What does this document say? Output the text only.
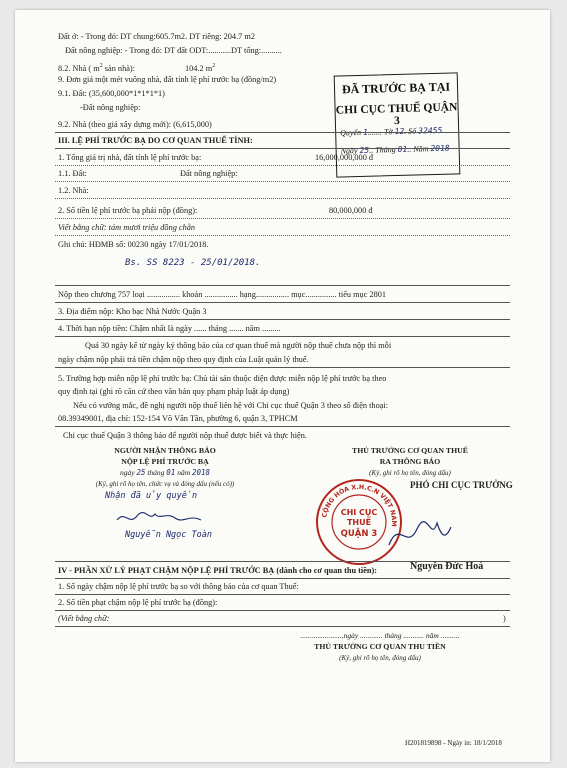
Đất ở: - Trong đó: DT chung:605.7m2. DT riêng: 204.7 m2
Đất nông nghiệp: - Trong đó: DT đất ODT:...........DT tổng:..........
8.2. Nhà ( $m^2$ sàn nhà):	104.2 $m^2$
9. Đơn giá một mét vuông nhà, đất tính lệ phí trước bạ (đồng/m2)
9.1. Đất: (35,600,000*1*1*1*1)
-Đất nông nghiệp:
9.2. Nhà (theo giá xây dựng mới): (6,615,000)
ĐÃ TRƯỚC BẠ TẠI
CHI CỤC THUẾ QUẬN 3
Quyển 1....... Tờ 12. Số 32455
Ngày 25.. Tháng 01.. Năm 2018
III. LỆ PHÍ TRƯỚC BẠ DO CƠ QUAN THUẾ TÍNH:
1. Tổng giá trị nhà, đất tính lệ phí trước bạ:	16,000,000,000 đ
1.1. Đất:	Đất nông nghiệp:
1.2. Nhà:
2. Số tiền lệ phí trước bạ phải nộp (đồng):	80,000,000 đ
Viết bằng chữ: tám mươi triệu đồng chẵn
Ghi chú: HĐMB số: 00230 ngày 17/01/2018.
Bs. SS 8223 - 25/01/2018.
Nộp theo chương 757 loại ................ khoản ................ hạng................ mục............... tiểu mục 2801
3. Địa điểm nộp: Kho bạc Nhà Nước Quận 3
4. Thời hạn nộp tiền: Chậm nhất là ngày ...... tháng ....... năm .........
Quá 30 ngày kể từ ngày ký thông báo của cơ quan thuế mà người nộp thuế chưa nộp thì mỗi
ngày chậm nộp phải trả tiền chậm nộp theo quy định của Luật quản lý thuế.
5. Trường hợp miễn nộp lệ phí trước bạ: Chủ tài sản thuộc diện được miễn nộp lệ phí trước bạ theo
quy định tại (ghi rõ căn cứ theo văn bản quy phạm pháp luật áp dụng)
Nếu có vướng mắc, đề nghị người nộp thuế liên hệ với Chi cục thuế Quận 3 theo số điện thoại:
08.39349001, địa chỉ: 152-154 Võ Văn Tần, phường 6, quận 3, TPHCM
Chi cục thuế Quận 3 thông báo để người nộp thuế được biết và thực hiện.
NGƯỜI NHẬN THÔNG BÁO
NỘP LỆ PHÍ TRƯỚC BẠ
ngày 25 tháng 01 năm 2018
(Ký, ghi rõ họ tên, chức vụ và đóng dấu (nếu có))
Nhận đã ủy quyền
Nguyễn Ngọc Toàn
THỦ TRƯỞNG CƠ QUAN THUẾ
RA THÔNG BÁO
(Ký, ghi rõ họ tên, đóng dấu)
PHÓ CHI CỤC TRƯỞNG
CỘNG HÒA X.H.C.N VIỆT NAM
CHI CỤC
THUẾ
QUẬN 3
Nguyễn Đức Hoà
IV - PHẦN XỬ LÝ PHẠT CHẬM NỘP LỆ PHÍ TRƯỚC BẠ (dành cho cơ quan thu tiền):
1. Số ngày chậm nộp lệ phí trước bạ so với thông báo của cơ quan Thuế:
2. Số tiền phạt chậm nộp lệ phí trước bạ (đồng):
(Viết bằng chữ:	)
......................,ngày ............ tháng ........... năm ..........
THỦ TRƯỞNG CƠ QUAN THU TIỀN
(Ký, ghi rõ họ tên, đóng dấu)
H201819898 - Ngày in: 18/1/2018
